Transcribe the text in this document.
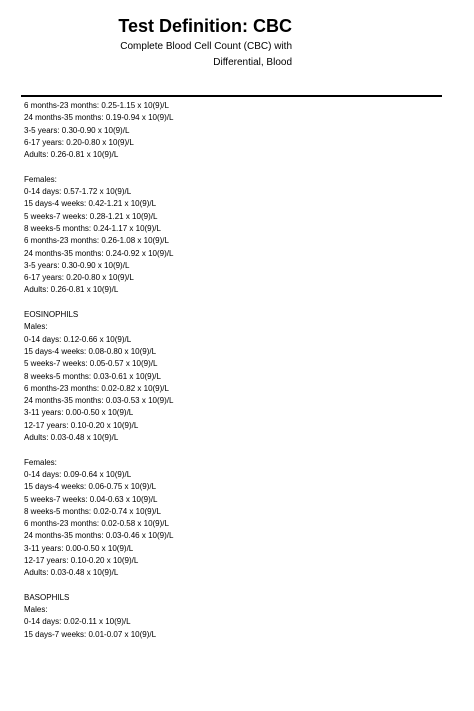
Test Definition: CBC
Complete Blood Cell Count (CBC) with
Differential, Blood
6 months-23 months: 0.25-1.15 x 10(9)/L
24 months-35 months: 0.19-0.94 x 10(9)/L
3-5 years: 0.30-0.90 x 10(9)/L
6-17 years: 0.20-0.80 x 10(9)/L
Adults: 0.26-0.81 x 10(9)/L
Females:
0-14 days: 0.57-1.72 x 10(9)/L
15 days-4 weeks: 0.42-1.21 x 10(9)/L
5 weeks-7 weeks: 0.28-1.21 x 10(9)/L
8 weeks-5 months: 0.24-1.17 x 10(9)/L
6 months-23 months: 0.26-1.08 x 10(9)/L
24 months-35 months: 0.24-0.92 x 10(9)/L
3-5 years: 0.30-0.90 x 10(9)/L
6-17 years: 0.20-0.80 x 10(9)/L
Adults: 0.26-0.81 x 10(9)/L
EOSINOPHILS
Males:
0-14 days: 0.12-0.66 x 10(9)/L
15 days-4 weeks: 0.08-0.80 x 10(9)/L
5 weeks-7 weeks: 0.05-0.57 x 10(9)/L
8 weeks-5 months: 0.03-0.61 x 10(9)/L
6 months-23 months: 0.02-0.82 x 10(9)/L
24 months-35 months: 0.03-0.53 x 10(9)/L
3-11 years: 0.00-0.50 x 10(9)/L
12-17 years: 0.10-0.20 x 10(9)/L
Adults: 0.03-0.48 x 10(9)/L
Females:
0-14 days: 0.09-0.64 x 10(9)/L
15 days-4 weeks: 0.06-0.75 x 10(9)/L
5 weeks-7 weeks: 0.04-0.63 x 10(9)/L
8 weeks-5 months: 0.02-0.74 x 10(9)/L
6 months-23 months: 0.02-0.58 x 10(9)/L
24 months-35 months: 0.03-0.46 x 10(9)/L
3-11 years: 0.00-0.50 x 10(9)/L
12-17 years: 0.10-0.20 x 10(9)/L
Adults: 0.03-0.48 x 10(9)/L
BASOPHILS
Males:
0-14 days: 0.02-0.11 x 10(9)/L
15 days-7 weeks: 0.01-0.07 x 10(9)/L
